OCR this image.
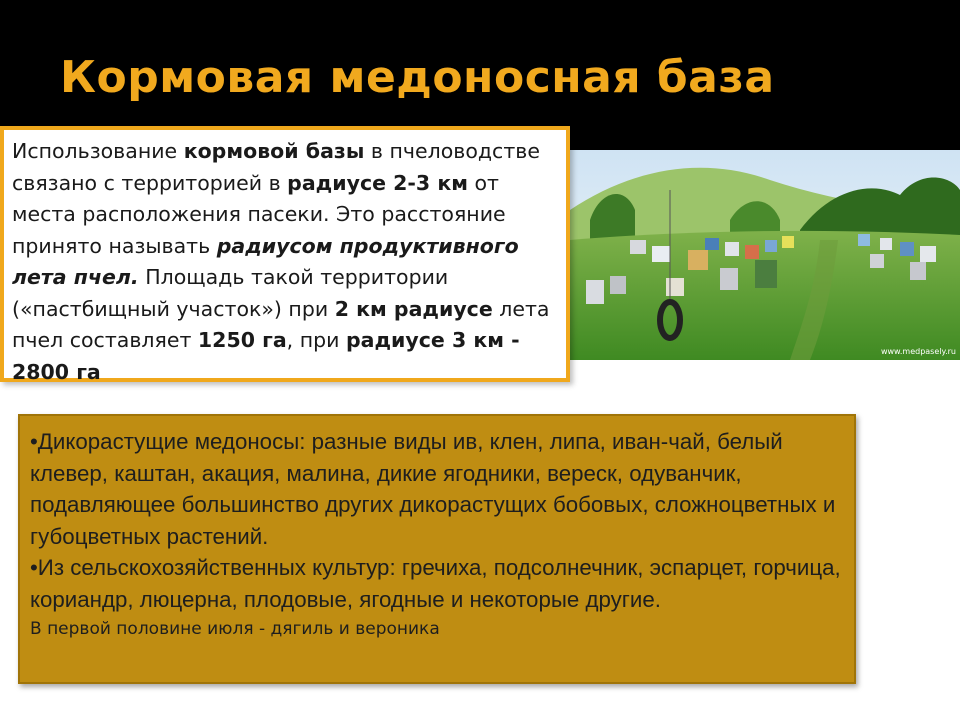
Кормовая медоносная база
www.medpasely.ru
Использование кормовой базы в пчеловодстве связано с территорией в радиусе 2-3 км от места расположения пасеки. Это расстояние принято называть радиусом продуктивного лета пчел. Площадь такой территории («пастбищный участок») при 2 км радиусе лета пчел составляет 1250 га, при радиусе 3 км - 2800 га

•Дикорастущие медоносы: разные виды ив, клен, липа, иван-чай, белый клевер, каштан, акация, малина, дикие ягодники, вереск, одуванчик, подавляющее большинство других дикорастущих бобовых, сложноцветных и губоцветных растений.

•Из сельскохозяйственных культур: гречиха, подсолнечник, эспарцет, горчица, кориандр, люцерна, плодовые, ягодные и некоторые другие.

В первой половине июля - дягиль и вероника
